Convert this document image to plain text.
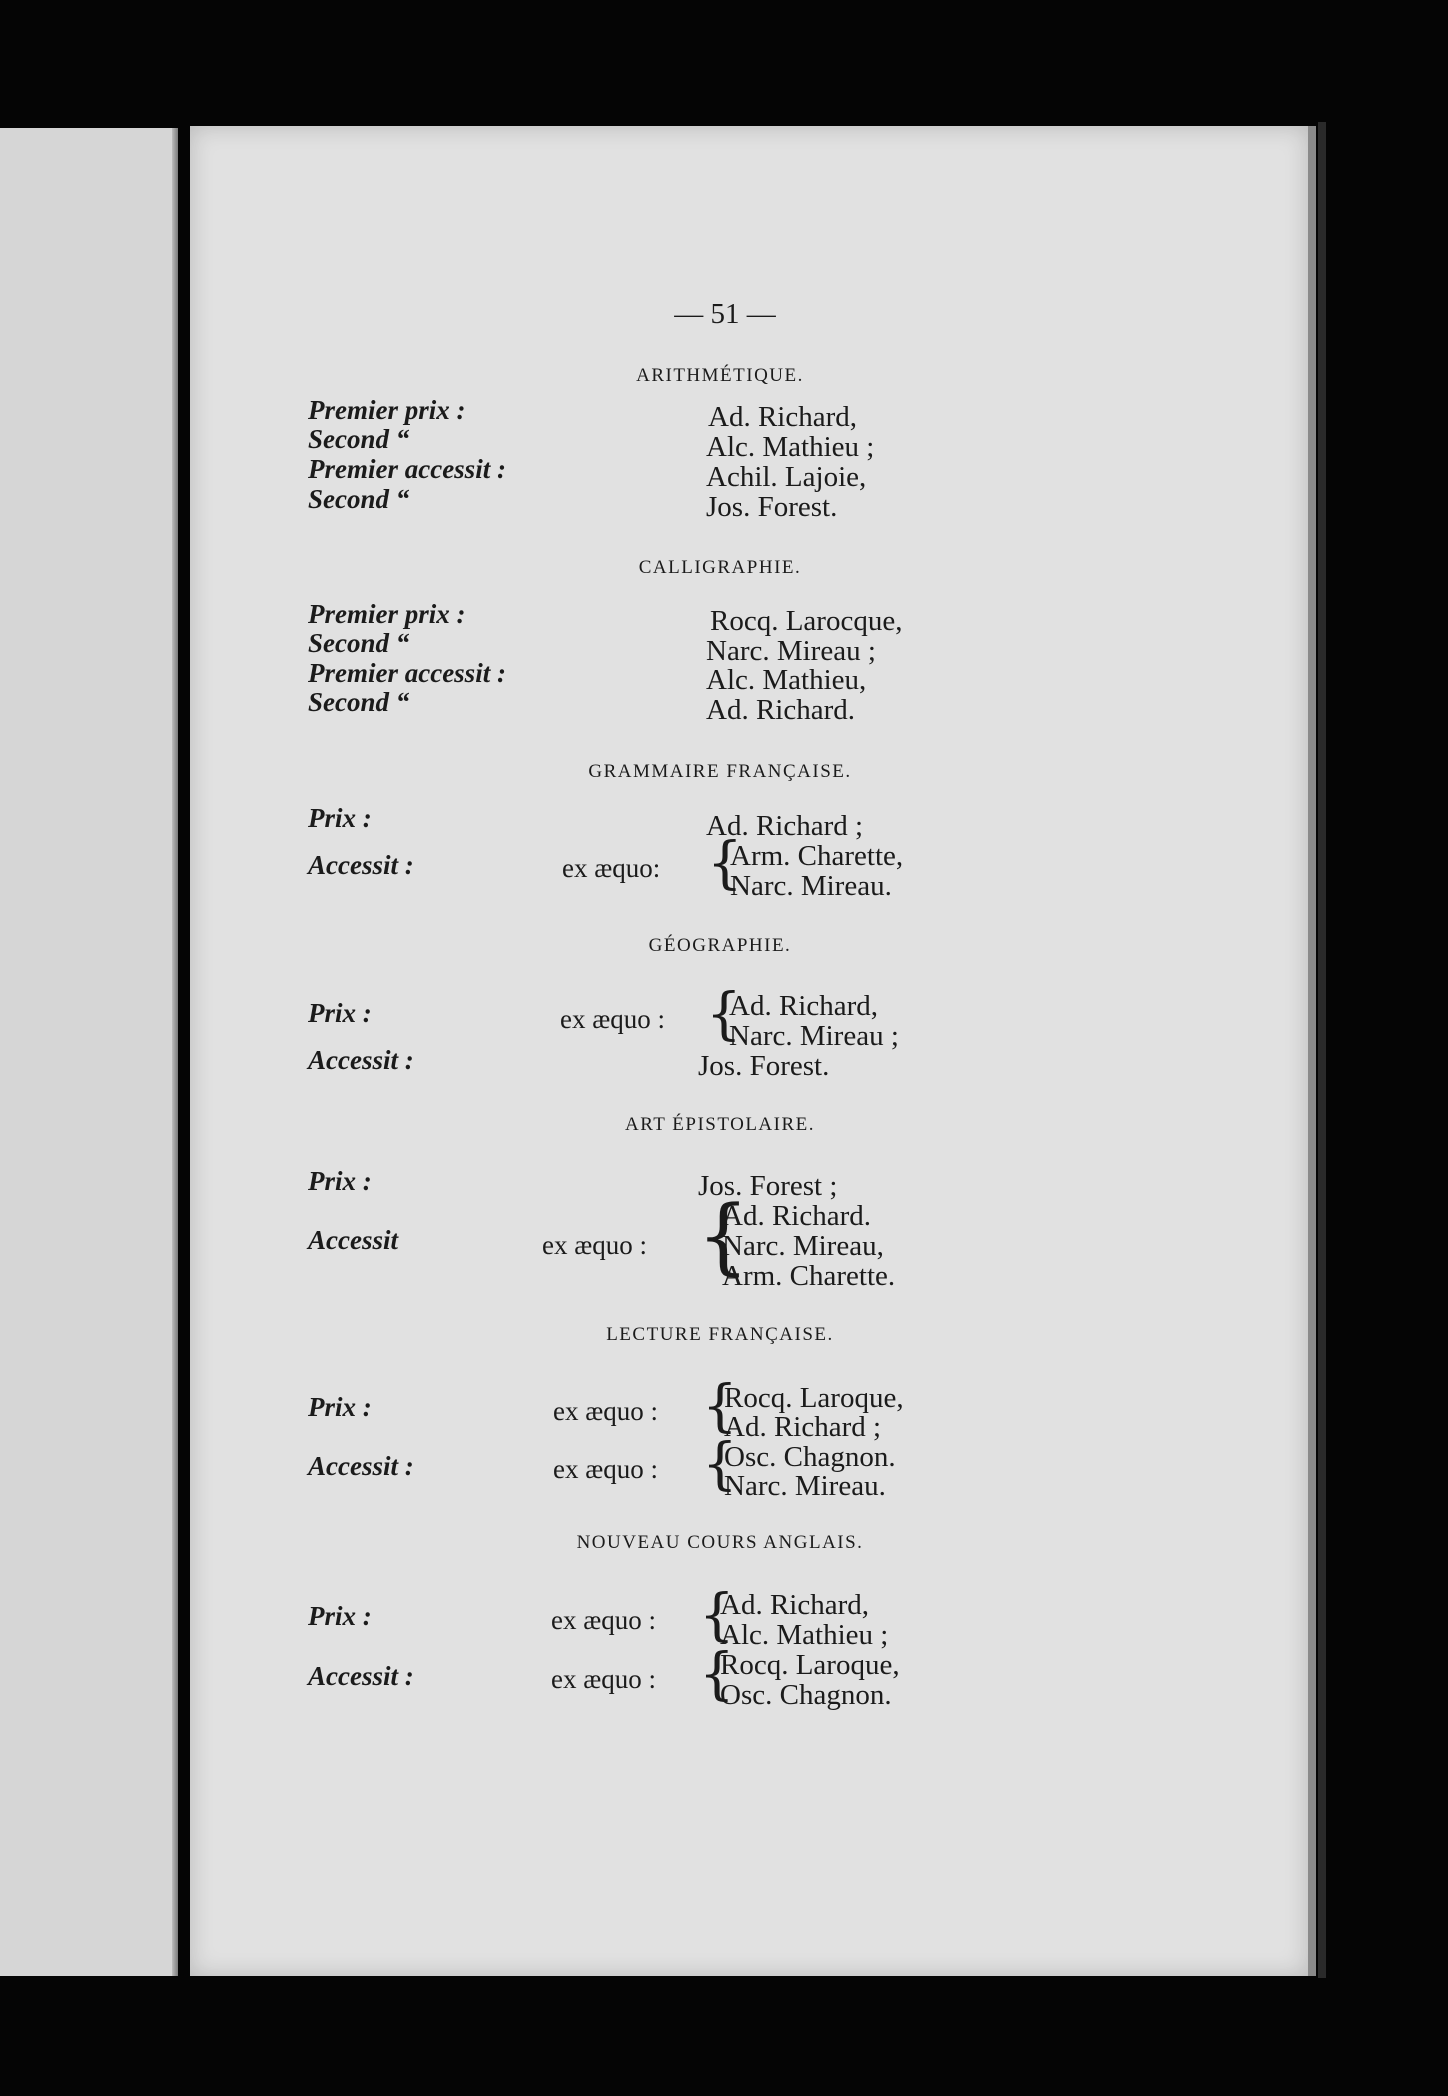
— 51 —
ARITHMÉTIQUE.
Premier prix :
Second “
Premier accessit :
Second “
Ad. Richard,
Alc. Mathieu ;
Achil. Lajoie,
Jos. Forest.
CALLIGRAPHIE.
Premier prix :
Second “
Premier accessit :
Second “
Rocq. Larocque,
Narc. Mireau ;
Alc. Mathieu,
Ad. Richard.
GRAMMAIRE FRANÇAISE.
Prix :
Accessit :
Ad. Richard ;
ex æquo: {
Arm. Charette,
Narc. Mireau.
GÉOGRAPHIE.
Prix :
Accessit :
ex æquo : {
Ad. Richard,
Narc. Mireau ;
Jos. Forest.
ART ÉPISTOLAIRE.
Prix :
Accessit
Jos. Forest ;
ex æquo : {
Ad. Richard.
Narc. Mireau,
Arm. Charette.
LECTURE FRANÇAISE.
Prix :
Accessit :
ex æquo : {
Rocq. Laroque,
Ad. Richard ;
ex æquo : {
Osc. Chagnon.
Narc. Mireau.
NOUVEAU COURS ANGLAIS.
Prix :
Accessit :
ex æquo : {
Ad. Richard,
Alc. Mathieu ;
ex æquo : {
Rocq. Laroque,
Osc. Chagnon.
